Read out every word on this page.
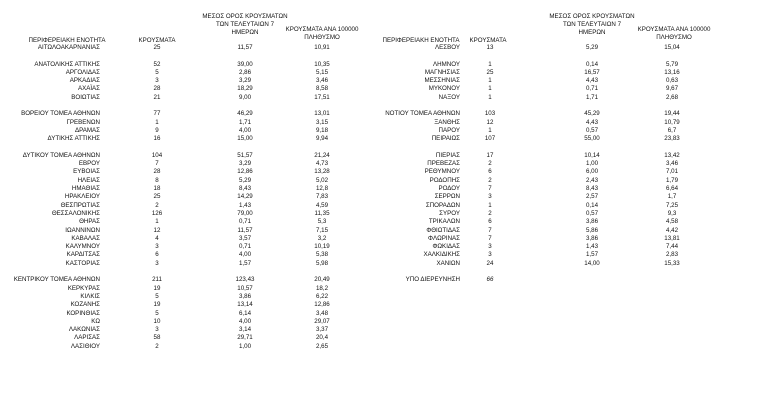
ΠΕΡΙΦΕΡΕΙΑΚΗ ΕΝΟΤΗΤΑ	ΚΡΟΥΣΜΑΤΑ
ΜΕΣΟΣ ΟΡΟΣ ΚΡΟΥΣΜΑΤΩΝ
ΤΩΝ ΤΕΛΕΥΤΑΙΩΝ 7
ΗΜΕΡΩΝ	ΚΡΟΥΣΜΑΤΑ ΑΝΑ 100000
ΠΛΗΘΥΣΜΟ
ΑΙΤΩΛΟΑΚΑΡΝΑΝΙΑΣ	25	11,57	10,91
ΑΝΑΤΟΛΙΚΗΣ ΑΤΤΙΚΗΣ	52	39,00	10,35
ΑΡΓΟΛΙΔΑΣ	5	2,86	5,15
ΑΡΚΑΔΙΑΣ	3	3,29	3,46
ΑΧΑΪΑΣ	28	18,29	8,58
ΒΟΙΩΤΙΑΣ	21	9,00	17,51
ΒΟΡΕΙΟΥ ΤΟΜΕΑ ΑΘΗΝΩΝ	77	46,29	13,01
ΓΡΕΒΕΝΩΝ	1	1,71	3,15
ΔΡΑΜΑΣ	9	4,00	9,18
ΔΥΤΙΚΗΣ ΑΤΤΙΚΗΣ	16	15,00	9,94
ΔΥΤΙΚΟΥ ΤΟΜΕΑ ΑΘΗΝΩΝ	104	51,57	21,24
ΕΒΡΟΥ	7	3,29	4,73
ΕΥΒΟΙΑΣ	28	12,86	13,28
ΗΛΕΙΑΣ	8	5,29	5,02
ΗΜΑΘΙΑΣ	18	8,43	12,8
ΗΡΑΚΛΕΙΟΥ	25	14,29	7,83
ΘΕΣΠΡΩΤΙΑΣ	2	1,43	4,59
ΘΕΣΣΑΛΟΝΙΚΗΣ	126	79,00	11,35
ΘΗΡΑΣ	1	0,71	5,3
ΙΩΑΝΝΙΝΩΝ	12	11,57	7,15
ΚΑΒΑΛΑΣ	4	3,57	3,2
ΚΑΛΥΜΝΟΥ	3	0,71	10,19
ΚΑΡΔΙΤΣΑΣ	6	4,00	5,38
ΚΑΣΤΟΡΙΑΣ	3	1,57	5,98
ΚΕΝΤΡΙΚΟΥ ΤΟΜΕΑ ΑΘΗΝΩΝ	211	123,43	20,49
ΚΕΡΚΥΡΑΣ	19	10,57	18,2
ΚΙΛΚΙΣ	5	3,86	6,22
ΚΟΖΑΝΗΣ	19	13,14	12,86
ΚΟΡΙΝΘΙΑΣ	5	6,14	3,48
ΚΩ	10	4,00	29,07
ΛΑΚΩΝΙΑΣ	3	3,14	3,37
ΛΑΡΙΣΑΣ	58	29,71	20,4
ΛΑΣΙΘΙΟΥ	2	1,00	2,65
ΠΕΡΙΦΕΡΕΙΑΚΗ ΕΝΟΤΗΤΑ	ΚΡΟΥΣΜΑΤΑ
ΜΕΣΟΣ ΟΡΟΣ ΚΡΟΥΣΜΑΤΩΝ
ΤΩΝ ΤΕΛΕΥΤΑΙΩΝ 7
ΗΜΕΡΩΝ	ΚΡΟΥΣΜΑΤΑ ΑΝΑ 100000
ΠΛΗΘΥΣΜΟ
ΛΕΣΒΟΥ	13	5,29	15,04
ΛΗΜΝΟΥ	1	0,14	5,79
ΜΑΓΝΗΣΙΑΣ	25	16,57	13,16
ΜΕΣΣΗΝΙΑΣ	1	4,43	0,63
ΜΥΚΟΝΟΥ	1	0,71	9,67
ΝΑΞΟΥ	1	1,71	2,68
ΝΟΤΙΟΥ ΤΟΜΕΑ ΑΘΗΝΩΝ	103	45,29	19,44
ΞΑΝΘΗΣ	12	4,43	10,79
ΠΑΡΟΥ	1	0,57	6,7
ΠΕΙΡΑΙΩΣ	107	55,00	23,83
ΠΙΕΡΙΑΣ	17	10,14	13,42
ΠΡΕΒΕΖΑΣ	2	1,00	3,46
ΡΕΘΥΜΝΟΥ	6	6,00	7,01
ΡΟΔΟΠΗΣ	2	2,43	1,79
ΡΟΔΟΥ	7	8,43	6,64
ΣΕΡΡΩΝ	3	2,57	1,7
ΣΠΟΡΑΔΩΝ	1	0,14	7,25
ΣΥΡΟΥ	2	0,57	9,3
ΤΡΙΚΑΛΩΝ	6	3,86	4,58
ΦΘΙΩΤΙΔΑΣ	7	5,86	4,42
ΦΛΩΡΙΝΑΣ	7	3,86	13,81
ΦΩΚΙΔΑΣ	3	1,43	7,44
ΧΑΛΚΙΔΙΚΗΣ	3	1,57	2,83
ΧΑΝΙΩΝ	24	14,00	15,33
ΥΠΟ ΔΙΕΡΕΥΝΗΣΗ	66
